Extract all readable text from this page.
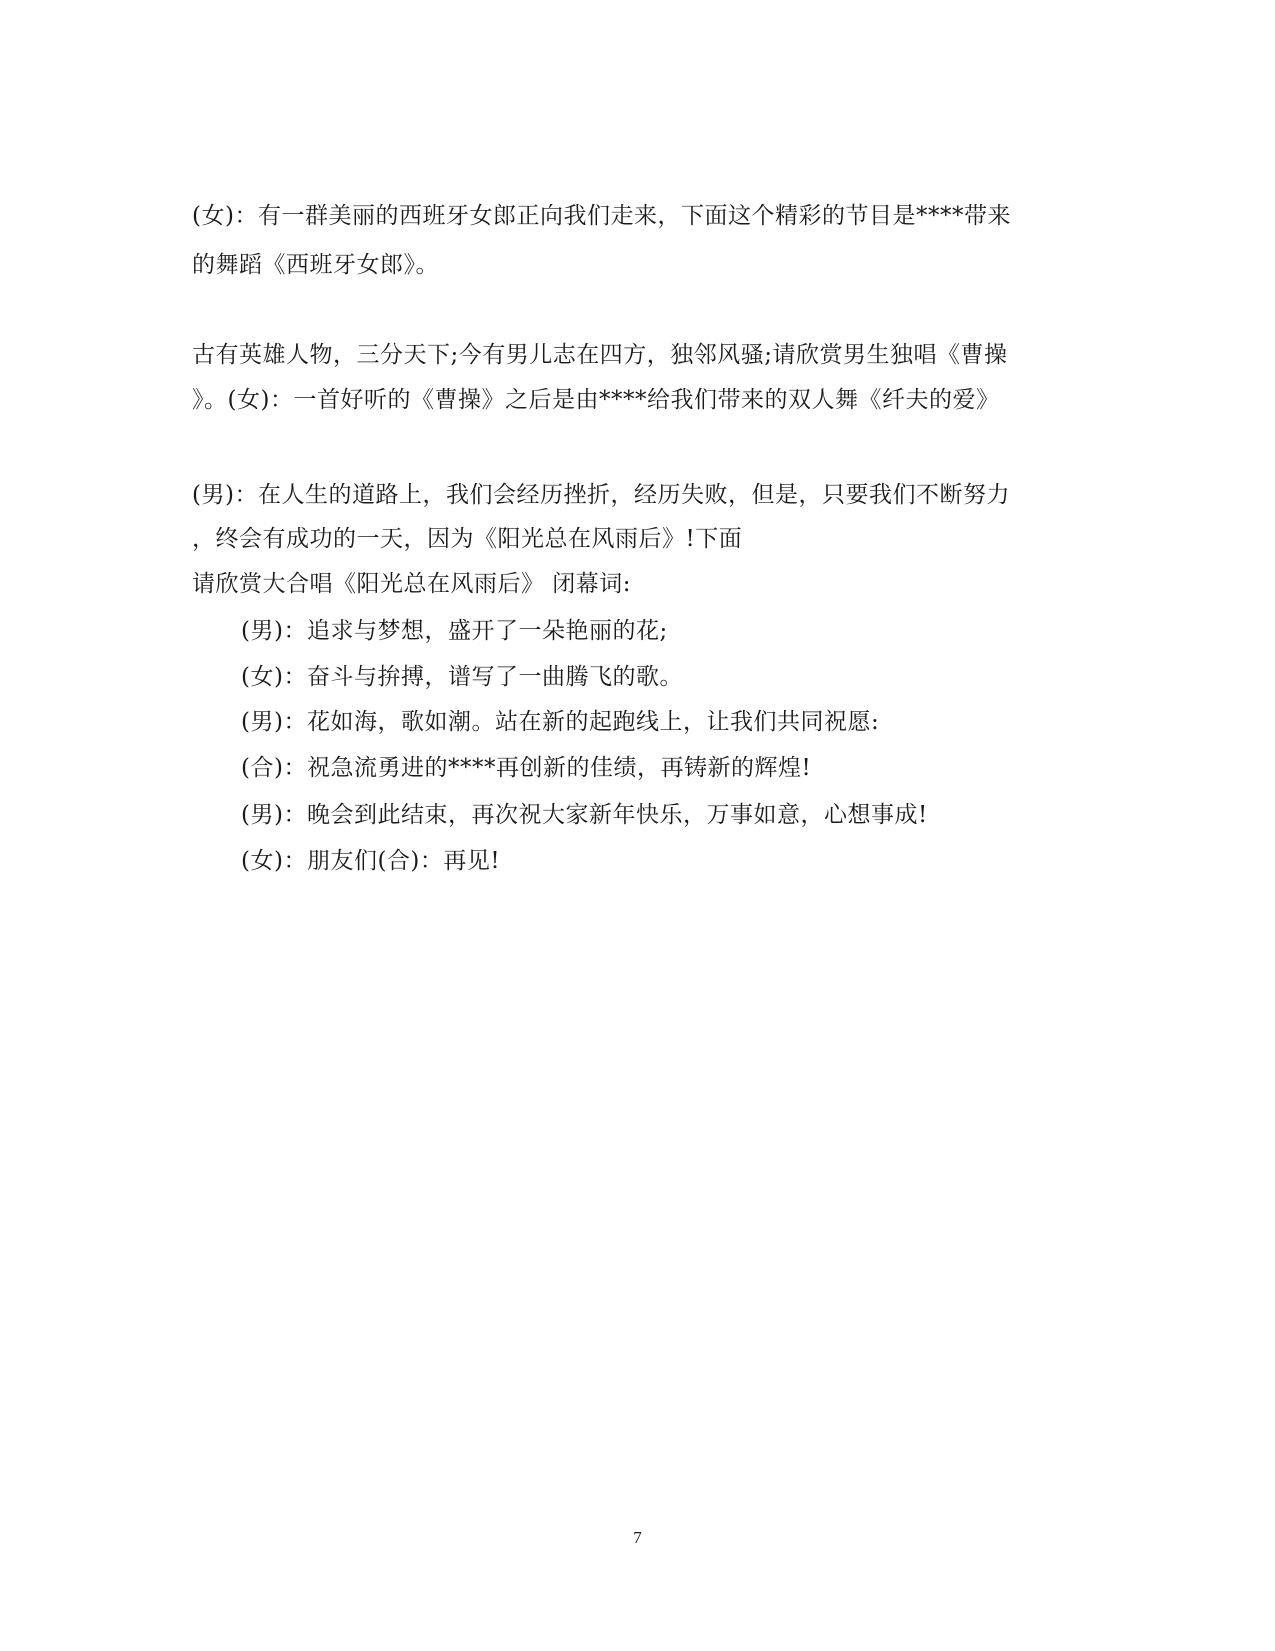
(女)：有一群美丽的西班牙女郎正向我们走来，下面这个精彩的节目是****带来
的舞蹈《西班牙女郎》。
古有英雄人物，三分天下;今有男儿志在四方，独邻风骚;请欣赏男生独唱《曹操
》。(女)：一首好听的《曹操》之后是由****给我们带来的双人舞《纤夫的爱》
(男)：在人生的道路上，我们会经历挫折，经历失败，但是，只要我们不断努力
，终会有成功的一天，因为《阳光总在风雨后》!下面
请欣赏大合唱《阳光总在风雨后》 闭幕词:
(男)：追求与梦想，盛开了一朵艳丽的花;
(女)：奋斗与拚搏，谱写了一曲腾飞的歌。
(男)：花如海，歌如潮。站在新的起跑线上，让我们共同祝愿:
(合)：祝急流勇进的****再创新的佳绩，再铸新的辉煌!
(男)：晚会到此结束，再次祝大家新年快乐，万事如意，心想事成!
(女)：朋友们(合)：再见!
7
